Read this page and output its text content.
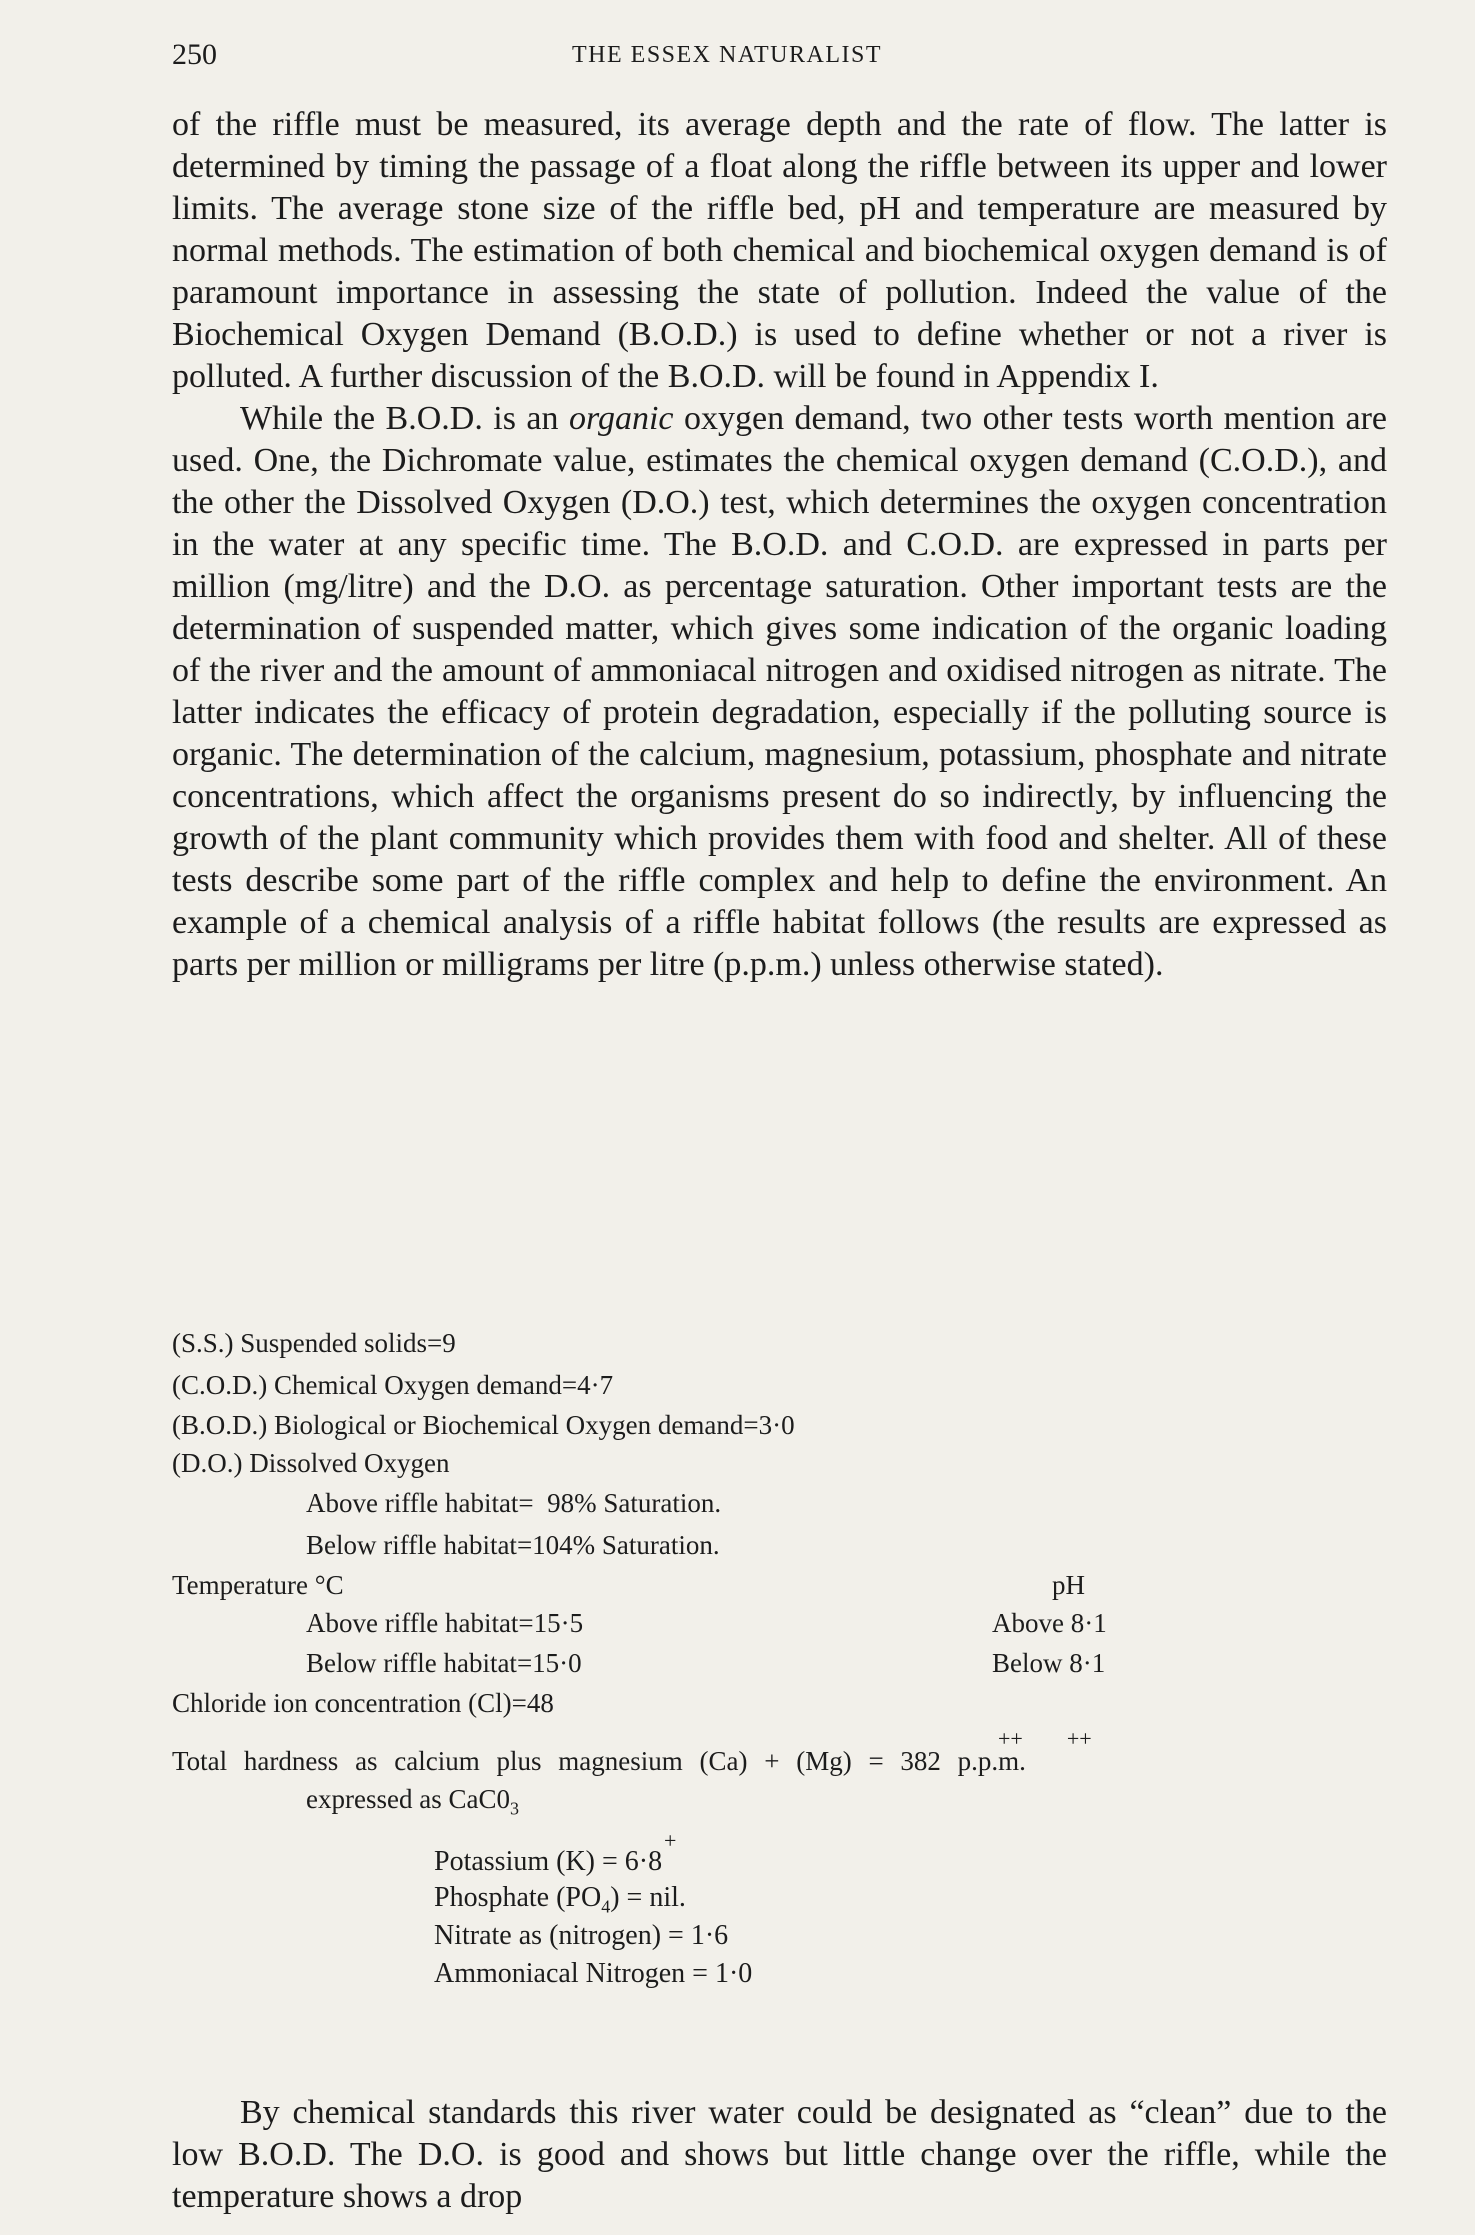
250	THE ESSEX NATURALIST

of the riffle must be measured, its average depth and the rate of flow. The latter is determined by timing the passage of a float along the riffle between its upper and lower limits. The average stone size of the riffle bed, pH and temperature are measured by normal methods. The estimation of both chemical and biochemical oxygen demand is of paramount importance in assessing the state of pollution. Indeed the value of the Biochemical Oxygen Demand (B.O.D.) is used to define whether or not a river is polluted. A further discussion of the B.O.D. will be found in Appendix I.

While the B.O.D. is an organic oxygen demand, two other tests worth mention are used. One, the Dichromate value, estimates the chemical oxygen demand (C.O.D.), and the other the Dissolved Oxygen (D.O.) test, which determines the oxygen concentration in the water at any specific time. The B.O.D. and C.O.D. are expressed in parts per million (mg/litre) and the D.O. as percentage saturation. Other important tests are the determination of suspended matter, which gives some indication of the organic loading of the river and the amount of ammoniacal nitrogen and oxidised nitrogen as nitrate. The latter indicates the efficacy of protein degradation, especially if the polluting source is organic. The determination of the calcium, magnesium, potassium, phosphate and nitrate concentrations, which affect the organisms present do so indirectly, by influencing the growth of the plant community which provides them with food and shelter. All of these tests describe some part of the riffle complex and help to define the environment. An example of a chemical analysis of a riffle habitat follows (the results are expressed as parts per million or milligrams per litre (p.p.m.) unless otherwise stated).

(S.S.) Suspended solids=9
(C.O.D.) Chemical Oxygen demand=4·7
(B.O.D.) Biological or Biochemical Oxygen demand=3·0
(D.O.) Dissolved Oxygen
Above riffle habitat=  98% Saturation.
Below riffle habitat=104% Saturation.
Temperature °C	pH
Above riffle habitat=15·5	Above 8·1
Below riffle habitat=15·0	Below 8·1
Chloride ion concentration (Cl)=48
++        ++
Total hardness as calcium plus magnesium (Ca) + (Mg) = 382 p.p.m.
expressed as $CaC0_3$
+
Potassium (K) = 6·8
Phosphate $(PO_4)$ = nil.
Nitrate as (nitrogen) = 1·6
Ammoniacal Nitrogen = 1·0

By chemical standards this river water could be designated as “clean” due to the low B.O.D. The D.O. is good and shows but little change over the riffle, while the temperature shows a drop
